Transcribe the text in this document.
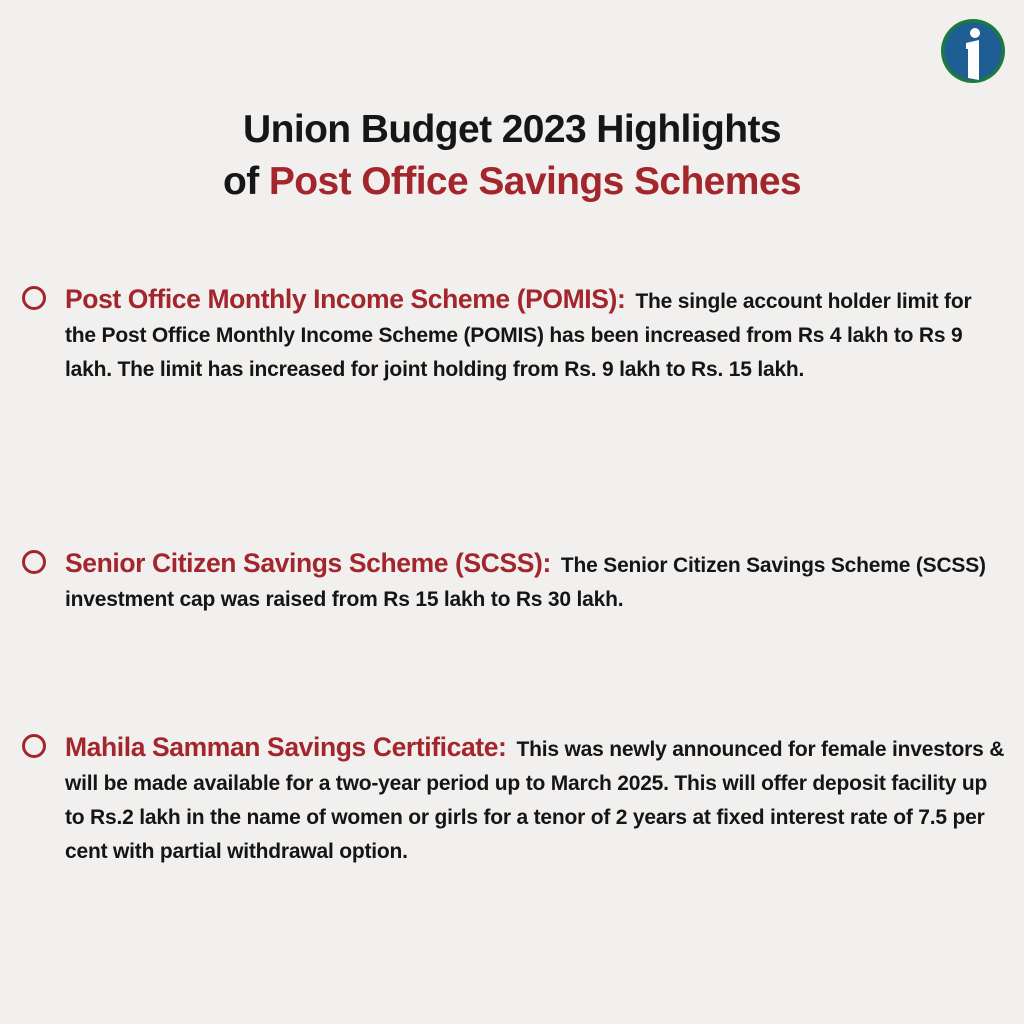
Union Budget 2023 Highlights
of Post Office Savings Schemes
Post Office Monthly Income Scheme (POMIS): The single account holder limit for the Post Office Monthly Income Scheme (POMIS) has been increased from Rs 4 lakh to Rs 9 lakh. The limit has increased for joint holding from Rs. 9 lakh to Rs. 15 lakh.
Senior Citizen Savings Scheme (SCSS): The Senior Citizen Savings Scheme (SCSS) investment cap was raised from Rs 15 lakh to Rs 30 lakh.
Mahila Samman Savings Certificate: This was newly announced for female investors & will be made available for a two-year period up to March 2025. This will offer deposit facility up to Rs.2 lakh in the name of women or girls for a tenor of 2 years at fixed interest rate of 7.5 per cent with partial withdrawal option.
